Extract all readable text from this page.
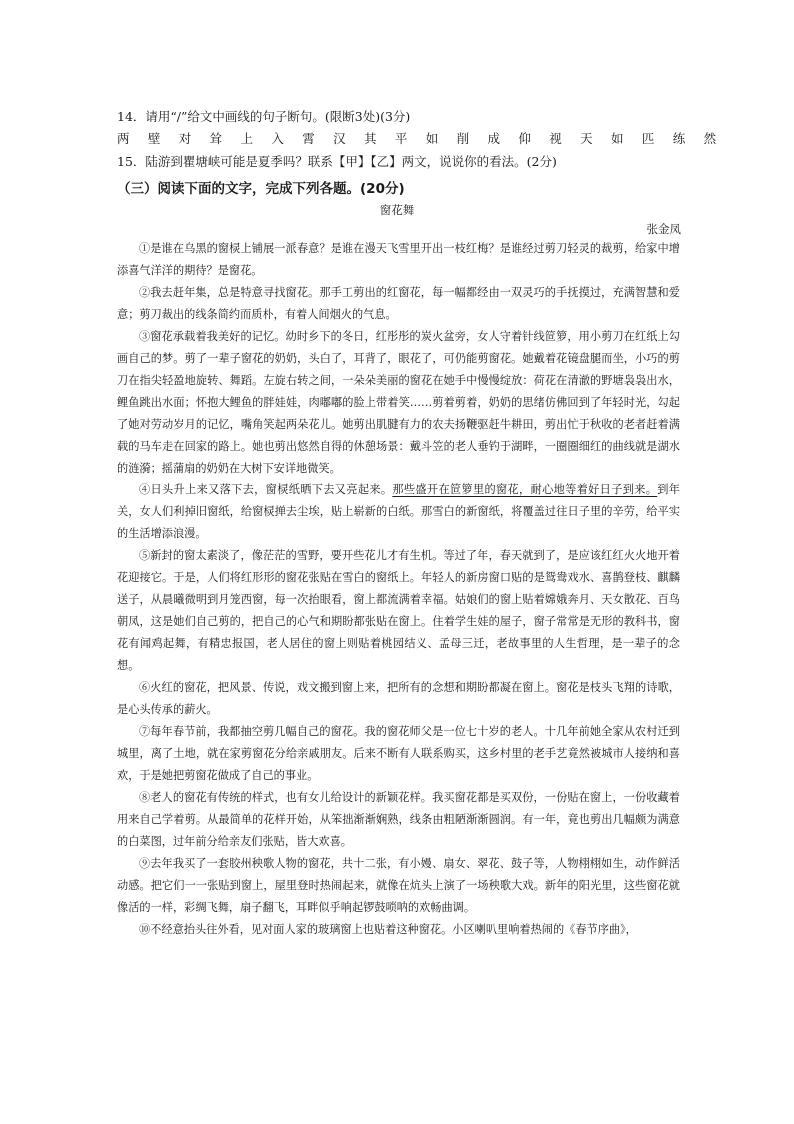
14．请用“/”给文中画线的句子断句。(限断3处)(3分)
两 壁 对 耸 上 入 霄 汉 其 平 如 削 成 仰 视 天 如 匹 练 然
15．陆游到瞿塘峡可能是夏季吗？联系【甲】【乙】两文，说说你的看法。(2分)
（三）阅读下面的文字，完成下列各题。(20分)
窗花舞
张金凤

①是谁在乌黑的窗棂上铺展一派春意？是谁在漫天飞雪里开出一枝红梅？是谁经过剪刀轻灵的裁剪，给家中增添喜气洋洋的期待？是窗花。

②我去赶年集，总是特意寻找窗花。那手工剪出的红窗花，每一幅都经由一双灵巧的手抚摸过，充满智慧和爱意；剪刀裁出的线条简约而质朴，有着人间烟火的气息。

③窗花承载着我美好的记忆。幼时乡下的冬日，红彤彤的炭火盆旁，女人守着针线笸箩，用小剪刀在红纸上勾画自己的梦。剪了一辈子窗花的奶奶，头白了，耳背了，眼花了，可仍能剪窗花。她戴着花镜盘腿而坐，小巧的剪刀在指尖轻盈地旋转、舞蹈。左旋右转之间，一朵朵美丽的窗花在她手中慢慢绽放：荷花在清澈的野塘袅袅出水，鲤鱼跳出水面；怀抱大鲤鱼的胖娃娃，肉嘟嘟的脸上带着笑……剪着剪着，奶奶的思绪仿佛回到了年轻时光，勾起了她对劳动岁月的记忆，嘴角笑起两朵花儿。她剪出肌腱有力的农夫扬鞭驱赶牛耕田，剪出忙于秋收的老者赶着满载的马车走在回家的路上。她也剪出悠然自得的休憩场景：戴斗笠的老人垂钓于湖畔，一圈圈细红的曲线就是湖水的涟漪；摇蒲扇的奶奶在大树下安详地微笑。

④日头升上来又落下去，窗棂纸晒下去又亮起来。那些盛开在笸箩里的窗花，耐心地等着好日子到来。到年关，女人们利掉旧窗纸，给窗棂掸去尘埃，贴上崭新的白纸。那雪白的新窗纸，将覆盖过往日子里的辛劳，给平实的生活增添浪漫。

⑤新封的窗太素淡了，像茫茫的雪野，要开些花儿才有生机。等过了年，春天就到了，是应该红红火火地开着花迎接它。于是，人们将红形形的窗花张贴在雪白的窗纸上。年轻人的新房窗口贴的是鸳鸯戏水、喜鹊登枝、麒麟送子，从晨曦微明到月笼西窗，每一次抬眼看，窗上都流满着幸福。姑娘们的窗上贴着嫦娥奔月、天女散花、百鸟朝凤，这是她们自己剪的，把自己的心气和期盼都张贴在窗上。住着学生娃的屋子，窗子常常是无形的教科书，窗花有闻鸡起舞，有精忠报国，老人居住的窗上则贴着桃园结义、孟母三迁，老故事里的人生哲理，是一辈子的念想。

⑥火红的窗花，把风景、传说，戏文搬到窗上来，把所有的念想和期盼都凝在窗上。窗花是枝头飞翔的诗歌，是心头传承的薪火。

⑦每年春节前，我都抽空剪几幅自己的窗花。我的窗花师父是一位七十岁的老人。十几年前她全家从农村迁到城里，离了土地，就在家剪窗花分给亲戚朋友。后来不断有人联系购买，这乡村里的老手艺竟然被城市人接纳和喜欢，于是她把剪窗花做成了自己的事业。

⑧老人的窗花有传统的样式，也有女儿给设计的新颖花样。我买窗花都是买双份，一份贴在窗上，一份收藏着用来自己学着剪。从最简单的花样开始，从笨拙渐渐娴熟，线条由粗陋渐渐圆润。有一年，竟也剪出几幅颇为满意的白菜图，过年前分给亲友们张贴，皆大欢喜。

⑨去年我买了一套胶州秧歌人物的窗花，共十二张，有小嫚、扇女、翠花、鼓子等，人物栩栩如生，动作鲜活动感。把它们一一张贴到窗上，屋里登时热闹起来，就像在炕头上演了一场秧歌大戏。新年的阳光里，这些窗花就像活的一样，彩绸飞舞，扇子翻飞，耳畔似乎响起锣鼓唢呐的欢畅曲调。

⑩不经意抬头往外看，见对面人家的玻璃窗上也贴着这种窗花。小区喇叭里响着热闹的《春节序曲》，
